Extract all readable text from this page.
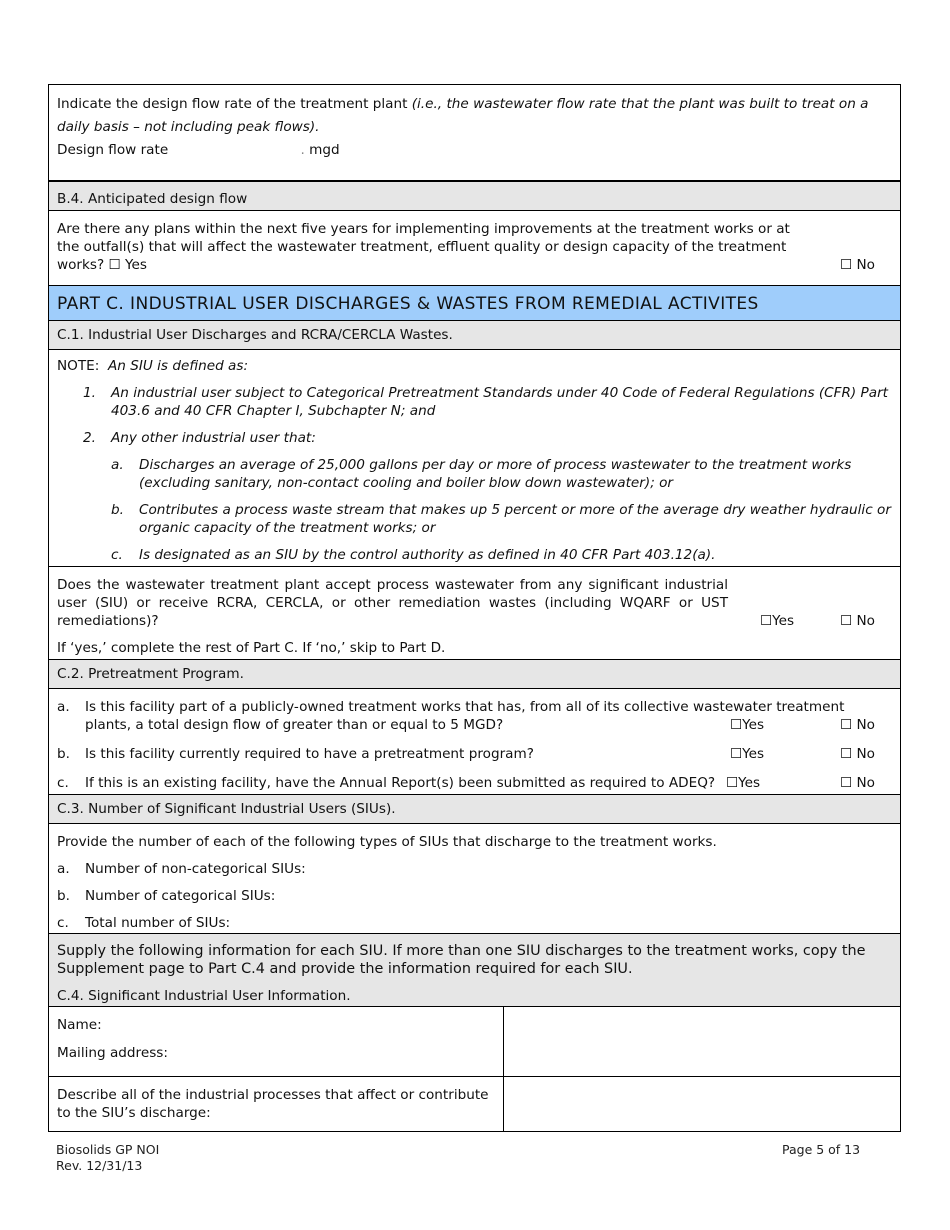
Indicate the design flow rate of the treatment plant (i.e., the wastewater flow rate that the plant was built to treat on a daily basis – not including peak flows).
Design flow rate	. mgd
B.4. Anticipated design flow
Are there any plans within the next five years for implementing improvements at the treatment works or at the outfall(s) that will affect the wastewater treatment, effluent quality or design capacity of the treatment works? ☐ Yes	☐ No
PART C. INDUSTRIAL USER DISCHARGES & WASTES FROM REMEDIAL ACTIVITES
C.1. Industrial User Discharges and RCRA/CERCLA Wastes.
NOTE: An SIU is defined as:
1.	An industrial user subject to Categorical Pretreatment Standards under 40 Code of Federal Regulations (CFR) Part 403.6 and 40 CFR Chapter I, Subchapter N; and
2.	Any other industrial user that:
a.	Discharges an average of 25,000 gallons per day or more of process wastewater to the treatment works (excluding sanitary, non-contact cooling and boiler blow down wastewater); or
b.	Contributes a process waste stream that makes up 5 percent or more of the average dry weather hydraulic or organic capacity of the treatment works; or
c.	Is designated as an SIU by the control authority as defined in 40 CFR Part 403.12(a).
Does the wastewater treatment plant accept process wastewater from any significant industrial user (SIU) or receive RCRA, CERCLA, or other remediation wastes (including WQARF or UST remediations)?	☐Yes	☐ No
If ‘yes,’ complete the rest of Part C. If ‘no,’ skip to Part D.
C.2. Pretreatment Program.
a.	Is this facility part of a publicly-owned treatment works that has, from all of its collective wastewater treatment plants, a total design flow of greater than or equal to 5 MGD?	☐Yes	☐ No
b.	Is this facility currently required to have a pretreatment program?	☐Yes	☐ No
c.	If this is an existing facility, have the Annual Report(s) been submitted as required to ADEQ? ☐Yes	☐ No
C.3. Number of Significant Industrial Users (SIUs).
Provide the number of each of the following types of SIUs that discharge to the treatment works.
a.	Number of non-categorical SIUs:
b.	Number of categorical SIUs:
c.	Total number of SIUs:
Supply the following information for each SIU. If more than one SIU discharges to the treatment works, copy the Supplement page to Part C.4 and provide the information required for each SIU.
C.4. Significant Industrial User Information.
Name:
Mailing address:
Describe all of the industrial processes that affect or contribute to the SIU’s discharge:
Biosolids GP NOI
Rev. 12/31/13
Page 5 of 13
